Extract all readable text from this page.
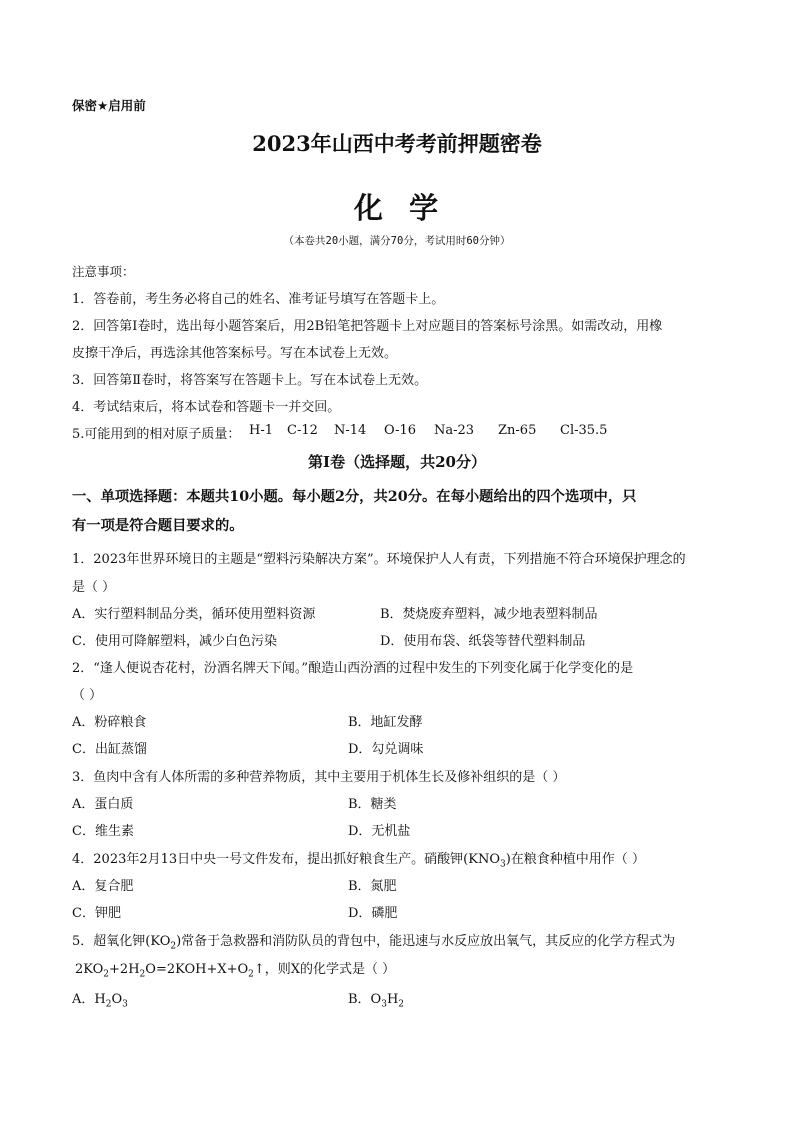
保密★启用前
2023年山西中考考前押题密卷
化  学
（本卷共20小题，满分70分，考试用时60分钟）
注意事项：
1．答卷前，考生务必将自己的姓名、准考证号填写在答题卡上。
2．回答第Ⅰ卷时，选出每小题答案后，用2B铅笔把答题卡上对应题目的答案标号涂黑。如需改动，用橡
皮擦干净后，再选涂其他答案标号。写在本试卷上无效。
3．回答第Ⅱ卷时，将答案写在答题卡上。写在本试卷上无效。
4．考试结束后，将本试卷和答题卡一并交回。
5.可能用到的相对原子质量： H-1 C-12 N-14 O-16 Na-23 Zn-65 Cl-35.5
第Ⅰ卷（选择题，共20分）
一、单项选择题：本题共10小题。每小题2分，共20分。在每小题给出的四个选项中，只
有一项是符合题目要求的。
1．2023年世界环境日的主题是“塑料污染解决方案”。环境保护人人有责，下列措施不符合环境保护理念的
是（ ）
A．实行塑料制品分类，循环使用塑料资源	B．焚烧废弃塑料，减少地表塑料制品
C．使用可降解塑料，减少白色污染	D．使用布袋、纸袋等替代塑料制品
2．“逢人便说杏花村，汾酒名牌天下闻。”酿造山西汾酒的过程中发生的下列变化属于化学变化的是
（ ）
A．粉碎粮食	B．地缸发酵
C．出缸蒸馏	D．勾兑调味
3．鱼肉中含有人体所需的多种营养物质，其中主要用于机体生长及修补组织的是（ ）
A．蛋白质	B．糖类
C．维生素	D．无机盐
4．2023年2月13日中央一号文件发布，提出抓好粮食生产。硝酸钾$(KNO_3)$在粮食种植中用作（ ）
A．复合肥	B．氮肥
C．钾肥	D．磷肥
5．超氧化钾$(KO_2)$常备于急救器和消防队员的背包中，能迅速与水反应放出氧气，其反应的化学方程式为
$2KO_2+2H_2O=2KOH+X+O_2↑$，则X的化学式是（ ）
A．$H_2O_3$	B．$O_3H_2$
